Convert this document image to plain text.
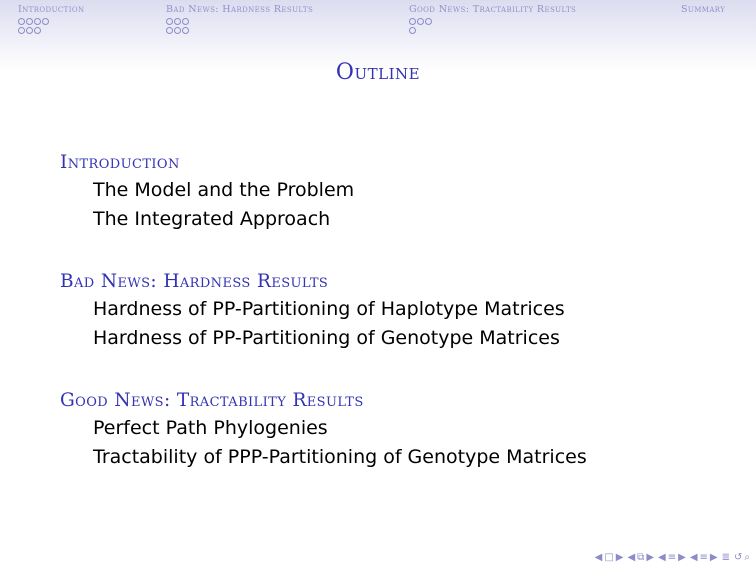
Introduction	Bad News: Hardness Results	Good News: Tractability Results	Summary
Outline
Introduction
The Model and the Problem
The Integrated Approach
Bad News: Hardness Results
Hardness of PP-Partitioning of Haplotype Matrices
Hardness of PP-Partitioning of Genotype Matrices
Good News: Tractability Results
Perfect Path Phylogenies
Tractability of PPP-Partitioning of Genotype Matrices
◀ □ ▶ ◀ ⧉ ▶ ◀ ≡ ▶ ◀ ≡ ▶ ≣ ↺ ⌕
